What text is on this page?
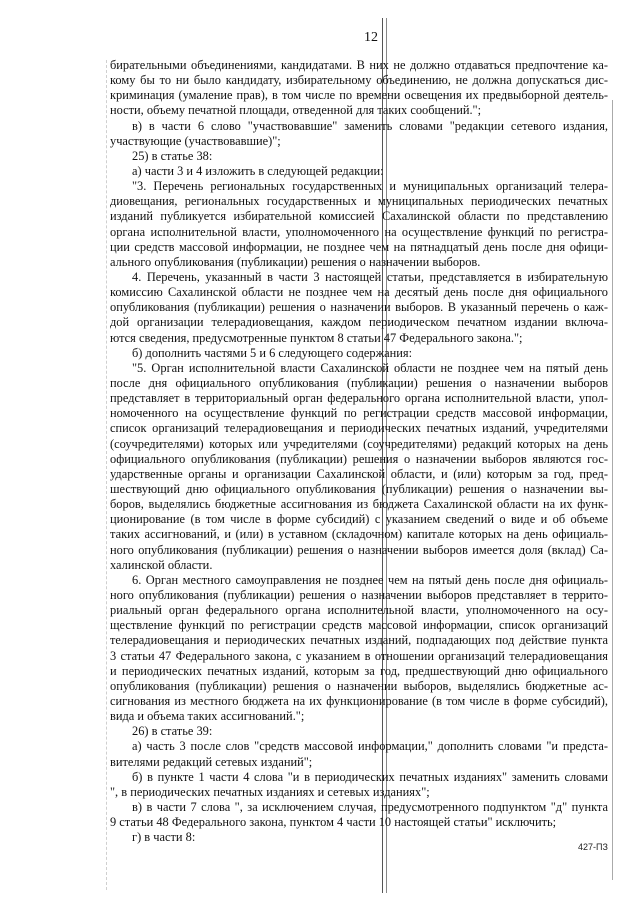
12
бирательными объединениями, кандидатами. В них не должно отдаваться предпочтение ка-
кому бы то ни было кандидату, избирательному объединению, не должна допускаться дис-
криминация (умаление прав), в том числе по времени освещения их предвыборной деятель-
ности, объему печатной площади, отведенной для таких сообщений.";
в) в части 6 слово "участвовавшие" заменить словами "редакции сетевого издания,
участвующие (участвовавшие)";
25) в статье 38:
а) части 3 и 4 изложить в следующей редакции:
"3. Перечень региональных государственных и муниципальных организаций телера-
диовещания, региональных государственных и муниципальных периодических печатных
изданий публикуется избирательной комиссией Сахалинской области по представлению
органа исполнительной власти, уполномоченного на осуществление функций по регистра-
ции средств массовой информации, не позднее чем на пятнадцатый день после дня офици-
ального опубликования (публикации) решения о назначении выборов.
4. Перечень, указанный в части 3 настоящей статьи, представляется в избирательную
комиссию Сахалинской области не позднее чем на десятый день после дня официального
опубликования (публикации) решения о назначении выборов. В указанный перечень о каж-
дой организации телерадиовещания, каждом периодическом печатном издании включа-
ются сведения, предусмотренные пунктом 8 статьи 47 Федерального закона.";
б) дополнить частями 5 и 6 следующего содержания:
"5. Орган исполнительной власти Сахалинской области не позднее чем на пятый день
после дня официального опубликования (публикации) решения о назначении выборов
представляет в территориальный орган федерального органа исполнительной власти, упол-
номоченного на осуществление функций по регистрации средств массовой информации,
список организаций телерадиовещания и периодических печатных изданий, учредителями
(соучредителями) которых или учредителями (соучредителями) редакций которых на день
официального опубликования (публикации) решения о назначении выборов являются гос-
ударственные органы и организации Сахалинской области, и (или) которым за год, пред-
шествующий дню официального опубликования (публикации) решения о назначении вы-
боров, выделялись бюджетные ассигнования из бюджета Сахалинской области на их функ-
ционирование (в том числе в форме субсидий) с указанием сведений о виде и об объеме
таких ассигнований, и (или) в уставном (складочном) капитале которых на день официаль-
ного опубликования (публикации) решения о назначении выборов имеется доля (вклад) Са-
халинской области.
6. Орган местного самоуправления не позднее чем на пятый день после дня официаль-
ного опубликования (публикации) решения о назначении выборов представляет в террито-
риальный орган федерального органа исполнительной власти, уполномоченного на осу-
ществление функций по регистрации средств массовой информации, список организаций
телерадиовещания и периодических печатных изданий, подпадающих под действие пункта
3 статьи 47 Федерального закона, с указанием в отношении организаций телерадиовещания
и периодических печатных изданий, которым за год, предшествующий дню официального
опубликования (публикации) решения о назначении выборов, выделялись бюджетные ас-
сигнования из местного бюджета на их функционирование (в том числе в форме субсидий),
вида и объема таких ассигнований.";
26) в статье 39:
а) часть 3 после слов "средств массовой информации," дополнить словами "и предста-
вителями редакций сетевых изданий";
б) в пункте 1 части 4 слова "и в периодических печатных изданиях" заменить словами
", в периодических печатных изданиях и сетевых изданиях";
в) в части 7 слова ", за исключением случая, предусмотренного подпунктом "д" пункта
9 статьи 48 Федерального закона, пунктом 4 части 10 настоящей статьи" исключить;
г) в части 8:
427-ПЗ
